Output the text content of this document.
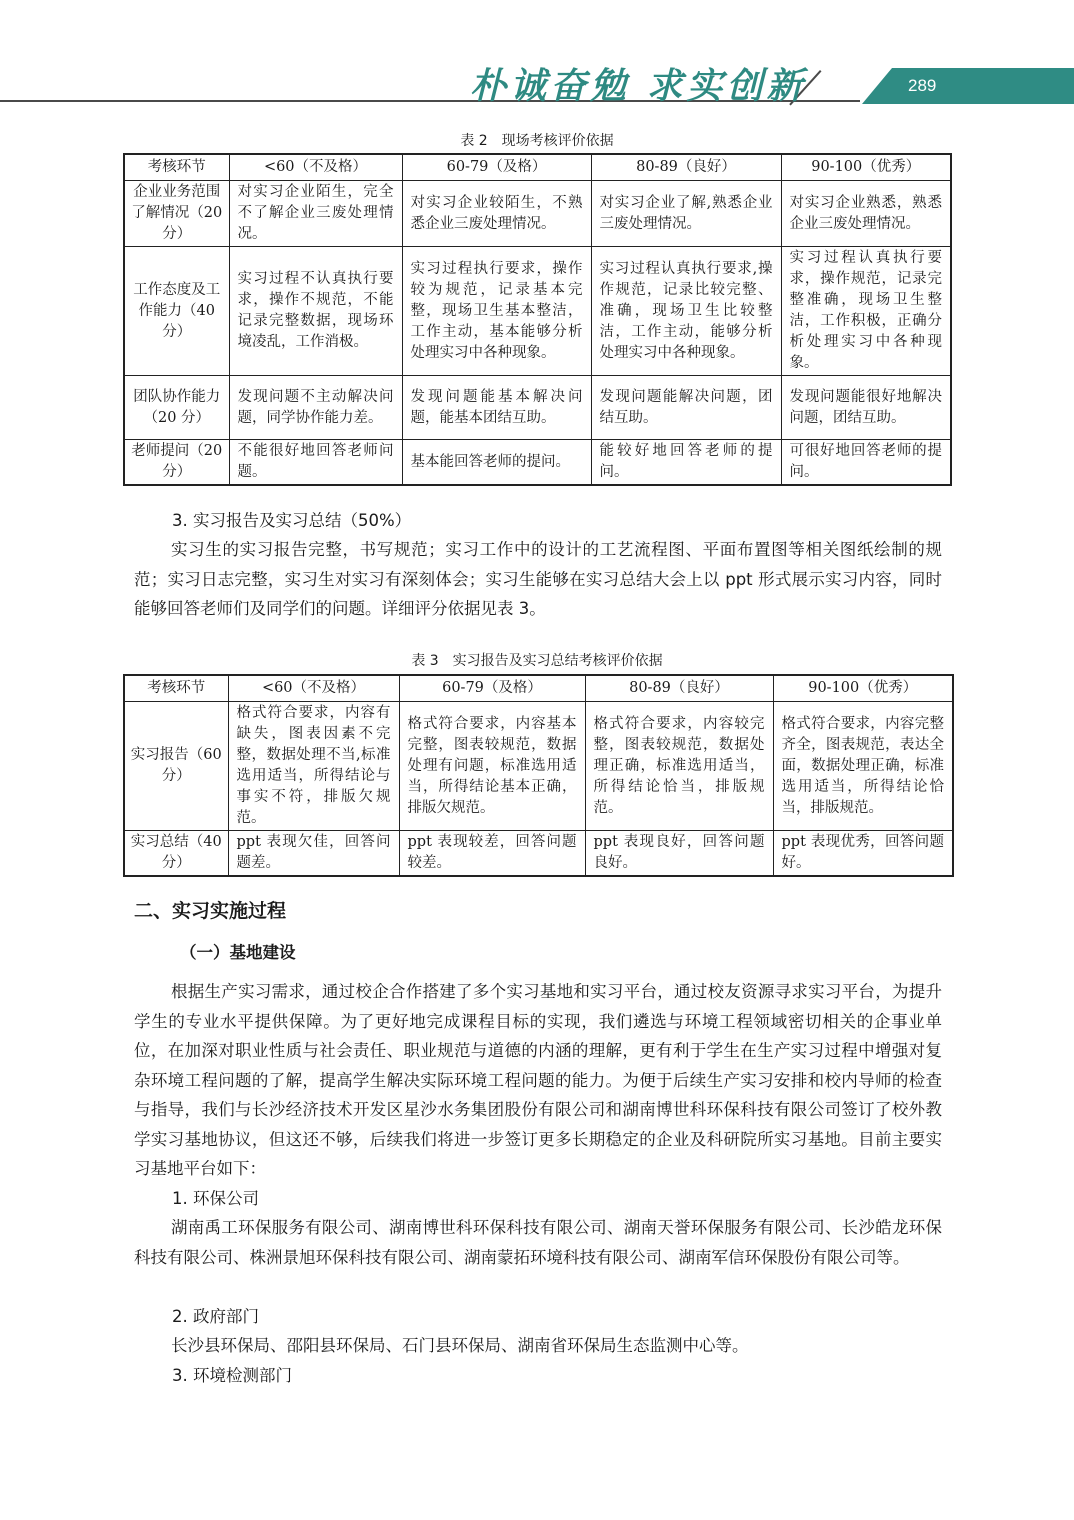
朴诚奋勉 求实创新	289
表 2　现场考核评价依据
考核环节	<60（不及格）	60-79（及格）	80-89（良好）	90-100（优秀）
企业业务范围了解情况（20 分）	对实习企业陌生，完全不了解企业三废处理情况。	对实习企业较陌生，不熟悉企业三废处理情况。	对实习企业了解,熟悉企业三废处理情况。	对实习企业熟悉，熟悉企业三废处理情况。
工作态度及工作能力（40 分）	实习过程不认真执行要求，操作不规范，不能记录完整数据，现场环境凌乱，工作消极。	实习过程执行要求，操作较为规范，记录基本完整，现场卫生基本整洁，工作主动，基本能够分析处理实习中各种现象。	实习过程认真执行要求,操作规范，记录比较完整、准确，现场卫生比较整洁，工作主动，能够分析处理实习中各种现象。	实习过程认真执行要求，操作规范，记录完整准确，现场卫生整洁，工作积极，正确分析处理实习中各种现象。
团队协作能力（20 分）	发现问题不主动解决问题，同学协作能力差。	发现问题能基本解决问题，能基本团结互助。	发现问题能解决问题，团结互助。	发现问题能很好地解决问题，团结互助。
老师提问（20 分）	不能很好地回答老师问题。	基本能回答老师的提问。	能较好地回答老师的提问。	可很好地回答老师的提问。
3. 实习报告及实习总结（50%）
实习生的实习报告完整，书写规范；实习工作中的设计的工艺流程图、平面布置图等相关图纸绘制的规范；实习日志完整，实习生对实习有深刻体会；实习生能够在实习总结大会上以 ppt 形式展示实习内容，同时能够回答老师们及同学们的问题。详细评分依据见表 3。
表 3　实习报告及实习总结考核评价依据
考核环节	<60（不及格）	60-79（及格）	80-89（良好）	90-100（优秀）
实习报告（60 分）	格式符合要求，内容有缺失，图表因素不完整，数据处理不当,标准选用适当，所得结论与事实不符，排版欠规范。	格式符合要求，内容基本完整，图表较规范，数据处理有问题，标准选用适当，所得结论基本正确，排版欠规范。	格式符合要求，内容较完整，图表较规范，数据处理正确，标准选用适当，所得结论恰当，排版规范。	格式符合要求，内容完整齐全，图表规范，表达全面，数据处理正确，标准选用适当，所得结论恰当，排版规范。
实习总结（40 分）	ppt 表现欠佳，回答问题差。	ppt 表现较差，回答问题较差。	ppt 表现良好，回答问题良好。	ppt 表现优秀，回答问题好。
二、实习实施过程
（一）基地建设
根据生产实习需求，通过校企合作搭建了多个实习基地和实习平台，通过校友资源寻求实习平台，为提升学生的专业水平提供保障。为了更好地完成课程目标的实现，我们遴选与环境工程领域密切相关的企事业单位，在加深对职业性质与社会责任、职业规范与道德的内涵的理解，更有利于学生在生产实习过程中增强对复杂环境工程问题的了解，提高学生解决实际环境工程问题的能力。为便于后续生产实习安排和校内导师的检查与指导，我们与长沙经济技术开发区星沙水务集团股份有限公司和湖南博世科环保科技有限公司签订了校外教学实习基地协议，但这还不够，后续我们将进一步签订更多长期稳定的企业及科研院所实习基地。目前主要实习基地平台如下：
1. 环保公司
湖南禹工环保服务有限公司、湖南博世科环保科技有限公司、湖南天誉环保服务有限公司、长沙皓龙环保科技有限公司、株洲景旭环保科技有限公司、湖南蒙拓环境科技有限公司、湖南军信环保股份有限公司等。
2. 政府部门
长沙县环保局、邵阳县环保局、石门县环保局、湖南省环保局生态监测中心等。
3. 环境检测部门
